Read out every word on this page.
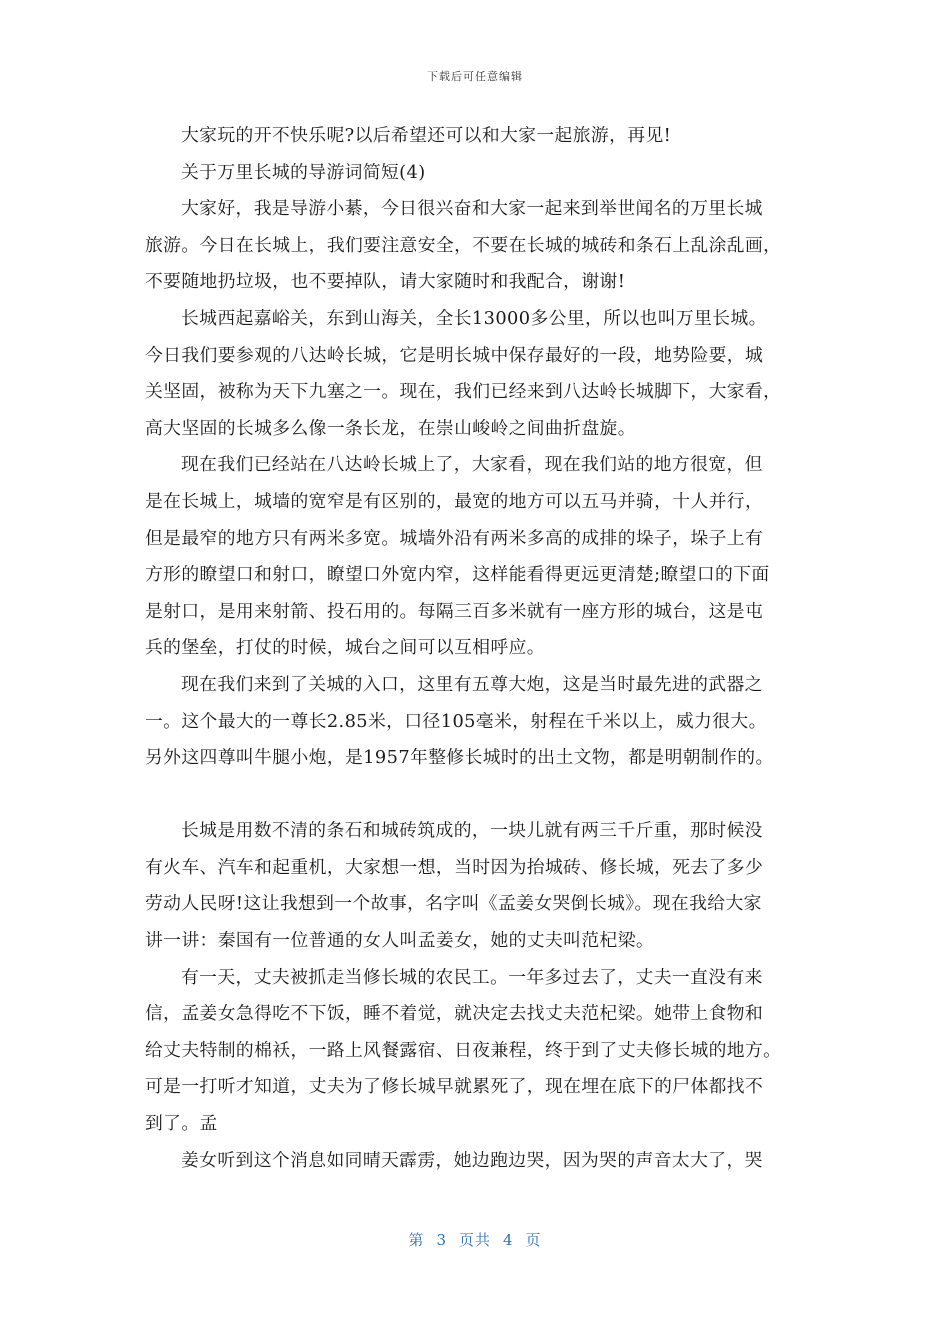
下载后可任意编辑
大家玩的开不快乐呢?以后希望还可以和大家一起旅游，再见!
关于万里长城的导游词简短(4)
大家好，我是导游小綦，今日很兴奋和大家一起来到举世闻名的万里长城
旅游。今日在长城上，我们要注意安全，不要在长城的城砖和条石上乱涂乱画，
不要随地扔垃圾，也不要掉队，请大家随时和我配合，谢谢!
长城西起嘉峪关，东到山海关，全长13000多公里，所以也叫万里长城。
今日我们要参观的八达岭长城，它是明长城中保存最好的一段，地势险要，城
关坚固，被称为天下九塞之一。现在，我们已经来到八达岭长城脚下，大家看，
高大坚固的长城多么像一条长龙，在崇山峻岭之间曲折盘旋。
现在我们已经站在八达岭长城上了，大家看，现在我们站的地方很宽，但
是在长城上，城墙的宽窄是有区别的，最宽的地方可以五马并骑，十人并行，
但是最窄的地方只有两米多宽。城墙外沿有两米多高的成排的垛子，垛子上有
方形的瞭望口和射口，瞭望口外宽内窄，这样能看得更远更清楚;瞭望口的下面
是射口，是用来射箭、投石用的。每隔三百多米就有一座方形的城台，这是屯
兵的堡垒，打仗的时候，城台之间可以互相呼应。
现在我们来到了关城的入口，这里有五尊大炮，这是当时最先进的武器之
一。这个最大的一尊长2.85米，口径105毫米，射程在千米以上，威力很大。
另外这四尊叫牛腿小炮，是1957年整修长城时的出土文物，都是明朝制作的。
长城是用数不清的条石和城砖筑成的，一块儿就有两三千斤重，那时候没
有火车、汽车和起重机，大家想一想，当时因为抬城砖、修长城，死去了多少
劳动人民呀!这让我想到一个故事，名字叫《孟姜女哭倒长城》。现在我给大家
讲一讲：秦国有一位普通的女人叫孟姜女，她的丈夫叫范杞梁。
有一天，丈夫被抓走当修长城的农民工。一年多过去了，丈夫一直没有来
信，孟姜女急得吃不下饭，睡不着觉，就决定去找丈夫范杞梁。她带上食物和
给丈夫特制的棉袄，一路上风餐露宿、日夜兼程，终于到了丈夫修长城的地方。
可是一打听才知道，丈夫为了修长城早就累死了，现在埋在底下的尸体都找不
到了。孟
姜女听到这个消息如同晴天霹雳，她边跑边哭，因为哭的声音太大了，哭
第 3 页共 4 页
